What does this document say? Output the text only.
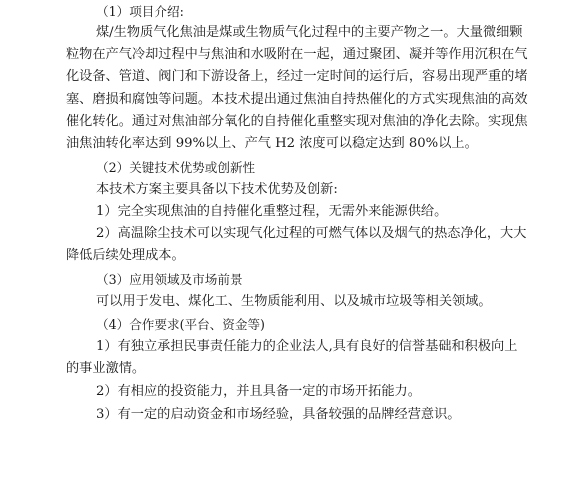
（1）项目介绍:
煤/生物质气化焦油是煤或生物质气化过程中的主要产物之一。大量微细颗
粒物在产气冷却过程中与焦油和水吸附在一起，通过聚团、凝并等作用沉积在气
化设备、管道、阀门和下游设备上，经过一定时间的运行后，容易出现严重的堵
塞、磨损和腐蚀等问题。本技术提出通过焦油自持热催化的方式实现焦油的高效
催化转化。通过对焦油部分氧化的自持催化重整实现对焦油的净化去除。实现焦
油焦油转化率达到 99%以上、产气 H2 浓度可以稳定达到 80%以上。
（2）关键技术优势或创新性
本技术方案主要具备以下技术优势及创新:
1）完全实现焦油的自持催化重整过程，无需外来能源供给。
2）高温除尘技术可以实现气化过程的可燃气体以及烟气的热态净化，大大
降低后续处理成本。
（3）应用领域及市场前景
可以用于发电、煤化工、生物质能利用、以及城市垃圾等相关领域。
（4）合作要求(平台、资金等)
1）有独立承担民事责任能力的企业法人,具有良好的信誉基础和积极向上
的事业激情。
2）有相应的投资能力，并且具备一定的市场开拓能力。
3）有一定的启动资金和市场经验，具备较强的品牌经营意识。
